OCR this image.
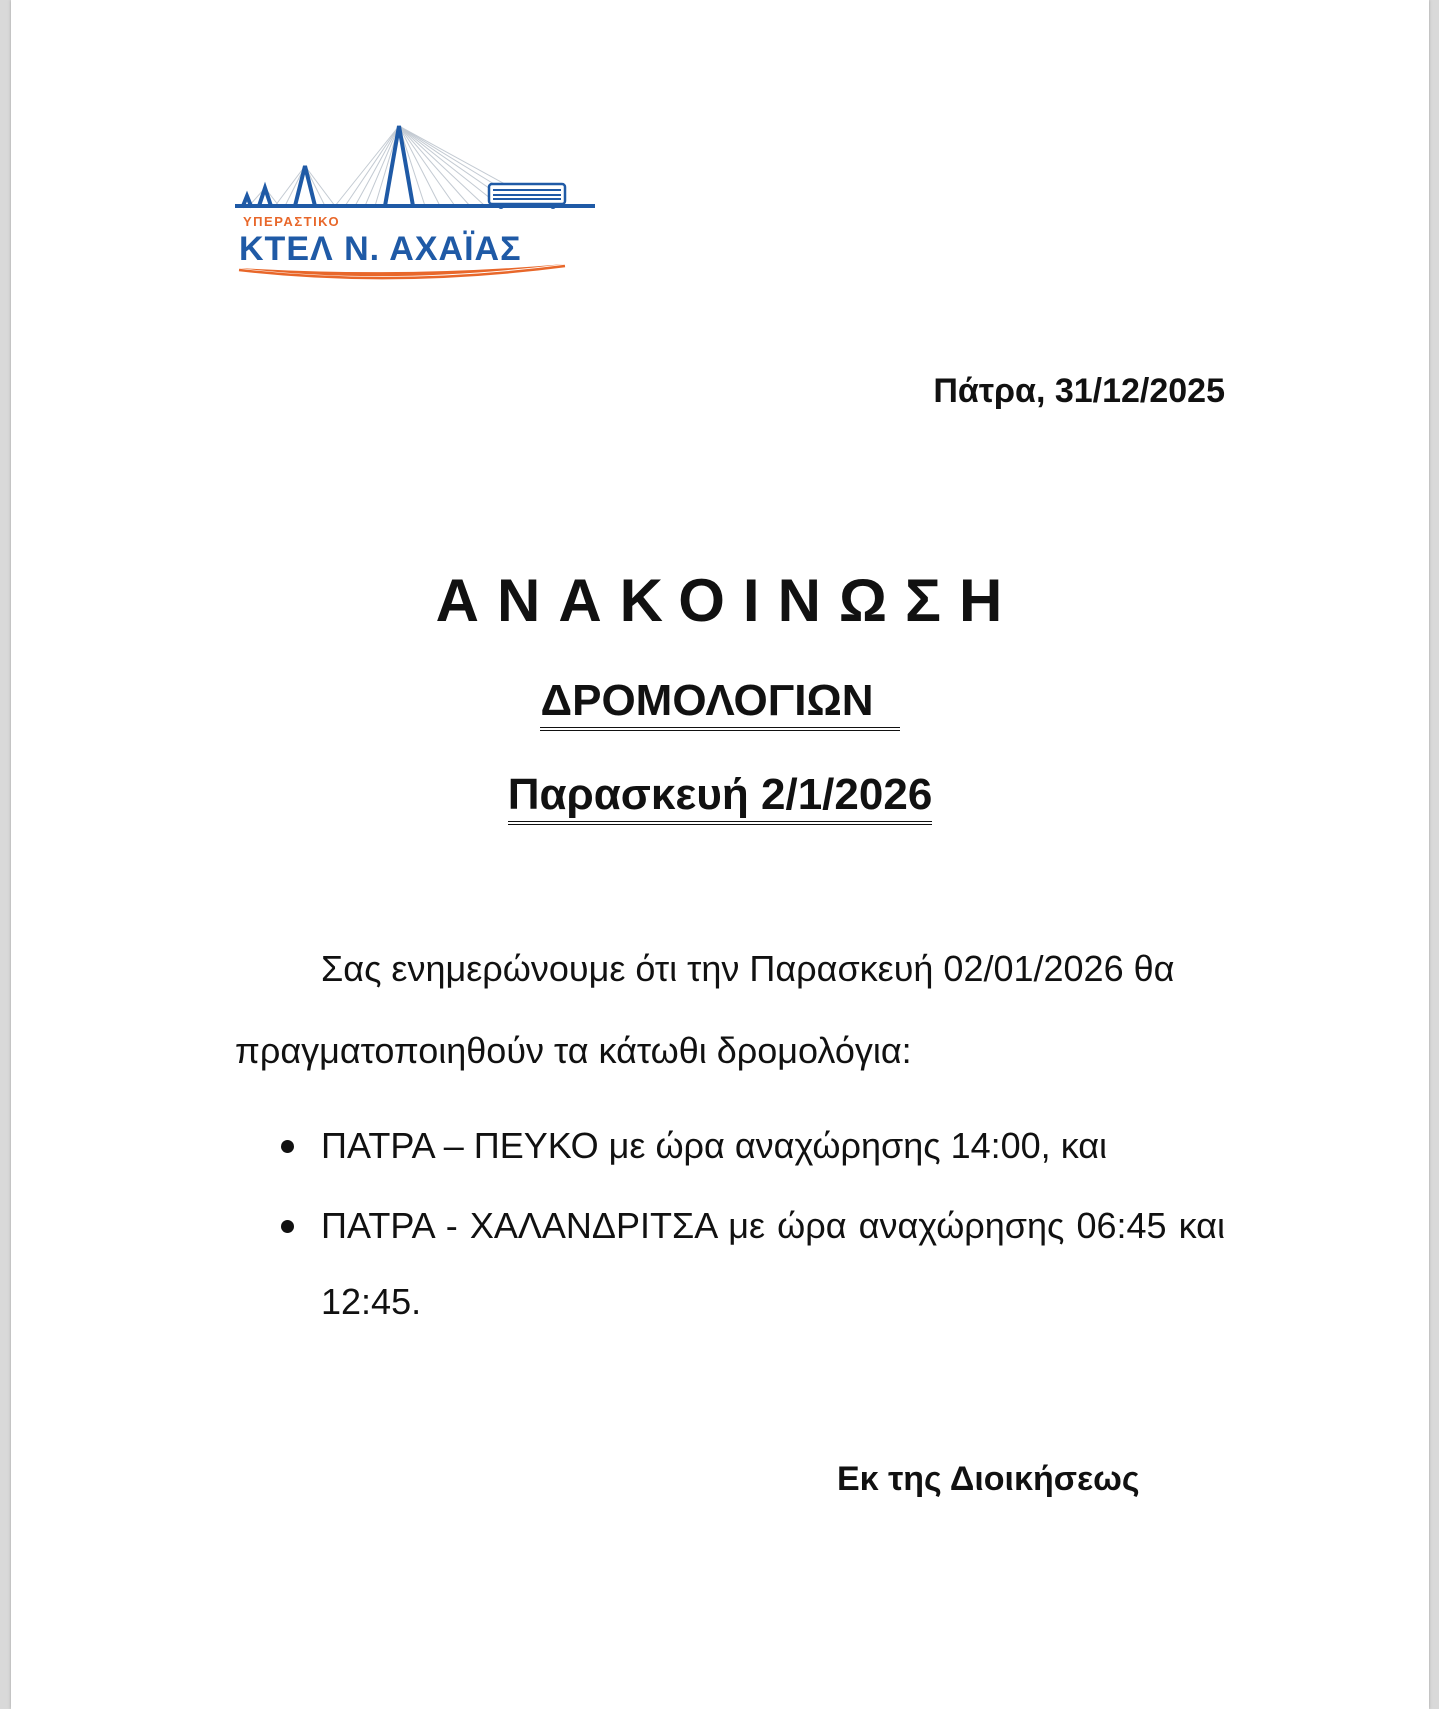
ΥΠΕΡΑΣΤΙΚΟ
ΚΤΕΛ Ν. ΑΧΑΪΑΣ
Πάτρα, 31/12/2025
ΑΝΑΚΟΙΝΩΣΗ
ΔΡΟΜΟΛΟΓΙΩΝ
Παρασκευή 2/1/2026
Σας ενημερώνουμε ότι την Παρασκευή 02/01/2026 θα πραγματοποιηθούν τα κάτωθι δρομολόγια:
ΠΑΤΡΑ – ΠΕΥΚΟ με ώρα αναχώρησης 14:00, και
ΠΑΤΡΑ - ΧΑΛΑΝΔΡΙΤΣΑ με ώρα αναχώρησης 06:45 και 12:45.
Εκ της Διοικήσεως
